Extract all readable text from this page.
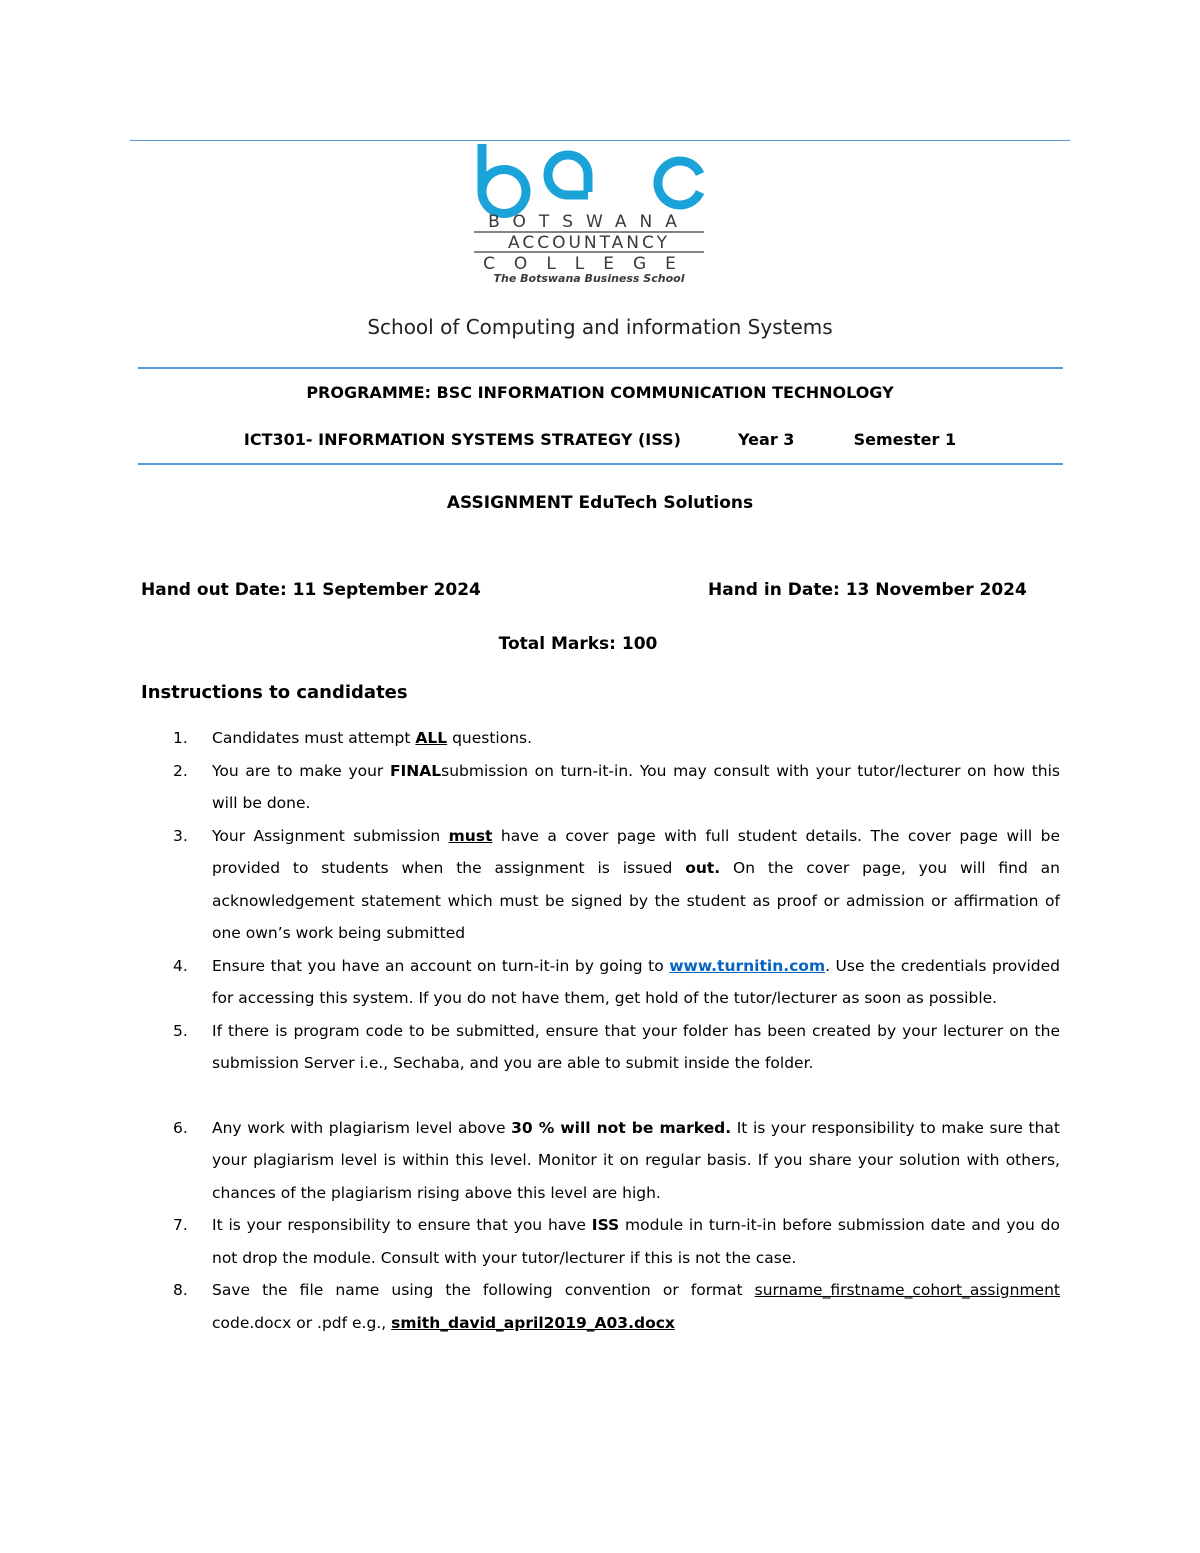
BOTSWANA
ACCOUNTANCY
COLLEGE
The Botswana Business School
School of Computing and information Systems
PROGRAMME: BSC INFORMATION COMMUNICATION TECHNOLOGY
ICT301- INFORMATION SYSTEMS STRATEGY (ISS)	Year 3	Semester 1
ASSIGNMENT EduTech Solutions
Hand out Date: 11 September 2024	Hand in Date: 13 November 2024
Total Marks: 100
Instructions to candidates
1. Candidates must attempt ALL questions.
2. You are to make your FINALsubmission on turn-it-in. You may consult with your tutor/lecturer on how this will be done.
3. Your Assignment submission must have a cover page with full student details. The cover page will be provided to students when the assignment is issued out. On the cover page, you will find an acknowledgement statement which must be signed by the student as proof or admission or affirmation of one own’s work being submitted
4. Ensure that you have an account on turn-it-in by going to www.turnitin.com. Use the credentials provided for accessing this system. If you do not have them, get hold of the tutor/lecturer as soon as possible.
5. If there is program code to be submitted, ensure that your folder has been created by your lecturer on the submission Server i.e., Sechaba, and you are able to submit inside the folder.
6. Any work with plagiarism level above 30 % will not be marked. It is your responsibility to make sure that your plagiarism level is within this level. Monitor it on regular basis. If you share your solution with others, chances of the plagiarism rising above this level are high.
7. It is your responsibility to ensure that you have ISS module in turn-it-in before submission date and you do not drop the module. Consult with your tutor/lecturer if this is not the case.
8. Save the file name using the following convention or format surname_firstname_cohort_assignment code.docx or .pdf e.g., smith_david_april2019_A03.docx
